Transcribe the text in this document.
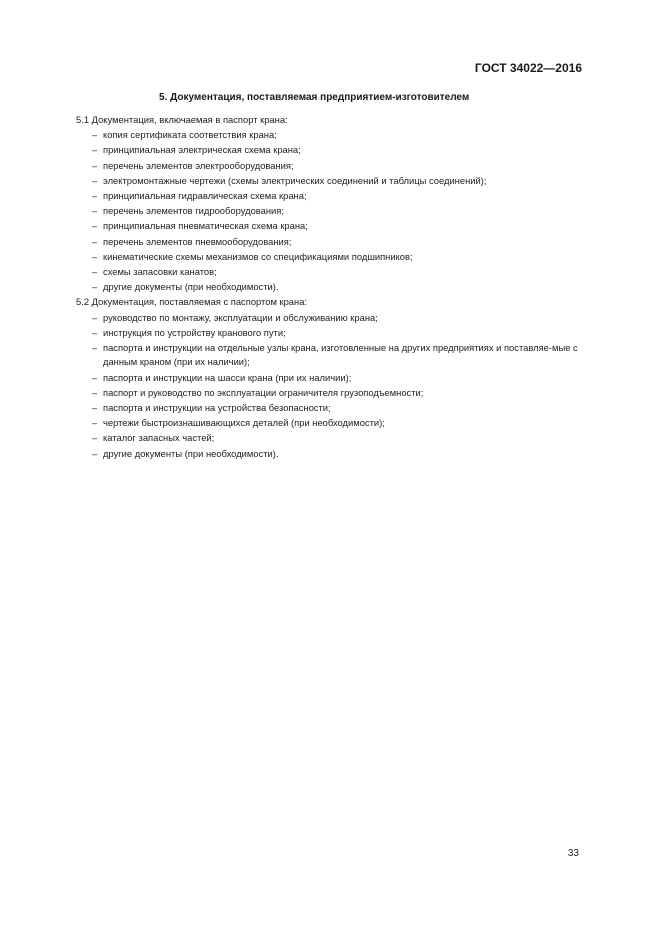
ГОСТ 34022—2016
5. Документация, поставляемая предприятием-изготовителем
5.1 Документация, включаемая в паспорт крана:
– копия сертификата соответствия крана;
– принципиальная электрическая схема крана;
– перечень элементов электрооборудования;
– электромонтажные чертежи (схемы электрических соединений и таблицы соединений);
– принципиальная гидравлическая схема крана;
– перечень элементов гидрооборудования;
– принципиальная пневматическая схема крана;
– перечень элементов пневмооборудования;
– кинематические схемы механизмов со спецификациями подшипников;
– схемы запасовки канатов;
– другие документы (при необходимости).
5.2 Документация, поставляемая с паспортом крана:
– руководство по монтажу, эксплуатации и обслуживанию крана;
– инструкция по устройству кранового пути;
– паспорта и инструкции на отдельные узлы крана, изготовленные на других предприятиях и поставляе-мые с данным краном (при их наличии);
– паспорта и инструкции на шасси крана (при их наличии);
– паспорт и руководство по эксплуатации ограничителя грузоподъемности;
– паспорта и инструкции на устройства безопасности;
– чертежи быстроизнашивающихся деталей (при необходимости);
– каталог запасных частей;
– другие документы (при необходимости).
33
